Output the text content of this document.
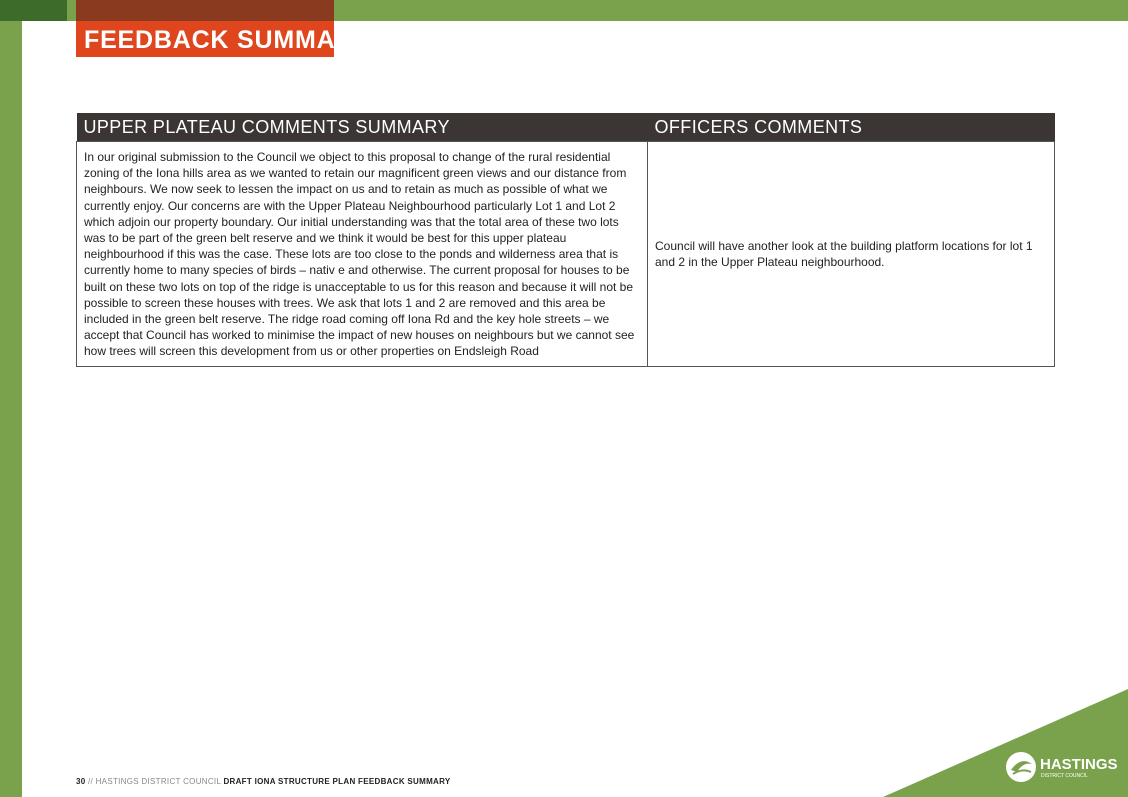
FEEDBACK SUMMARY
UPPER PLATEAU COMMENTS SUMMARY	OFFICERS COMMENTS
In our original submission to the Council we object to this proposal to change of the rural residential zoning of the Iona hills area as we wanted to retain our magnificent green views and our distance from neighbours. We now seek to lessen the impact on us and to retain as much as possible of what we currently enjoy. Our concerns are with the Upper Plateau Neighbourhood particularly Lot 1 and Lot 2 which adjoin our property boundary. Our initial understanding was that the total area of these two lots was to be part of the green belt reserve and we think it would be best for this upper plateau neighbourhood if this was the case. These lots are too close to the ponds and wilderness area that is currently home to many species of birds – nativ e and otherwise. The current proposal for houses to be built on these two lots on top of the ridge is unacceptable to us for this reason and because it will not be possible to screen these houses with trees. We ask that lots 1 and 2 are removed and this area be included in the green belt reserve. The ridge road coming off Iona Rd and the key hole streets – we accept that Council has worked to minimise the impact of new houses on neighbours but we cannot see how trees will screen this development from us or other properties on Endsleigh Road	Council will have another look at the building platform locations for lot 1 and 2 in the Upper Plateau neighbourhood.
30 // HASTINGS DISTRICT COUNCIL DRAFT IONA STRUCTURE PLAN FEEDBACK SUMMARY
HASTINGS
DISTRICT COUNCIL
